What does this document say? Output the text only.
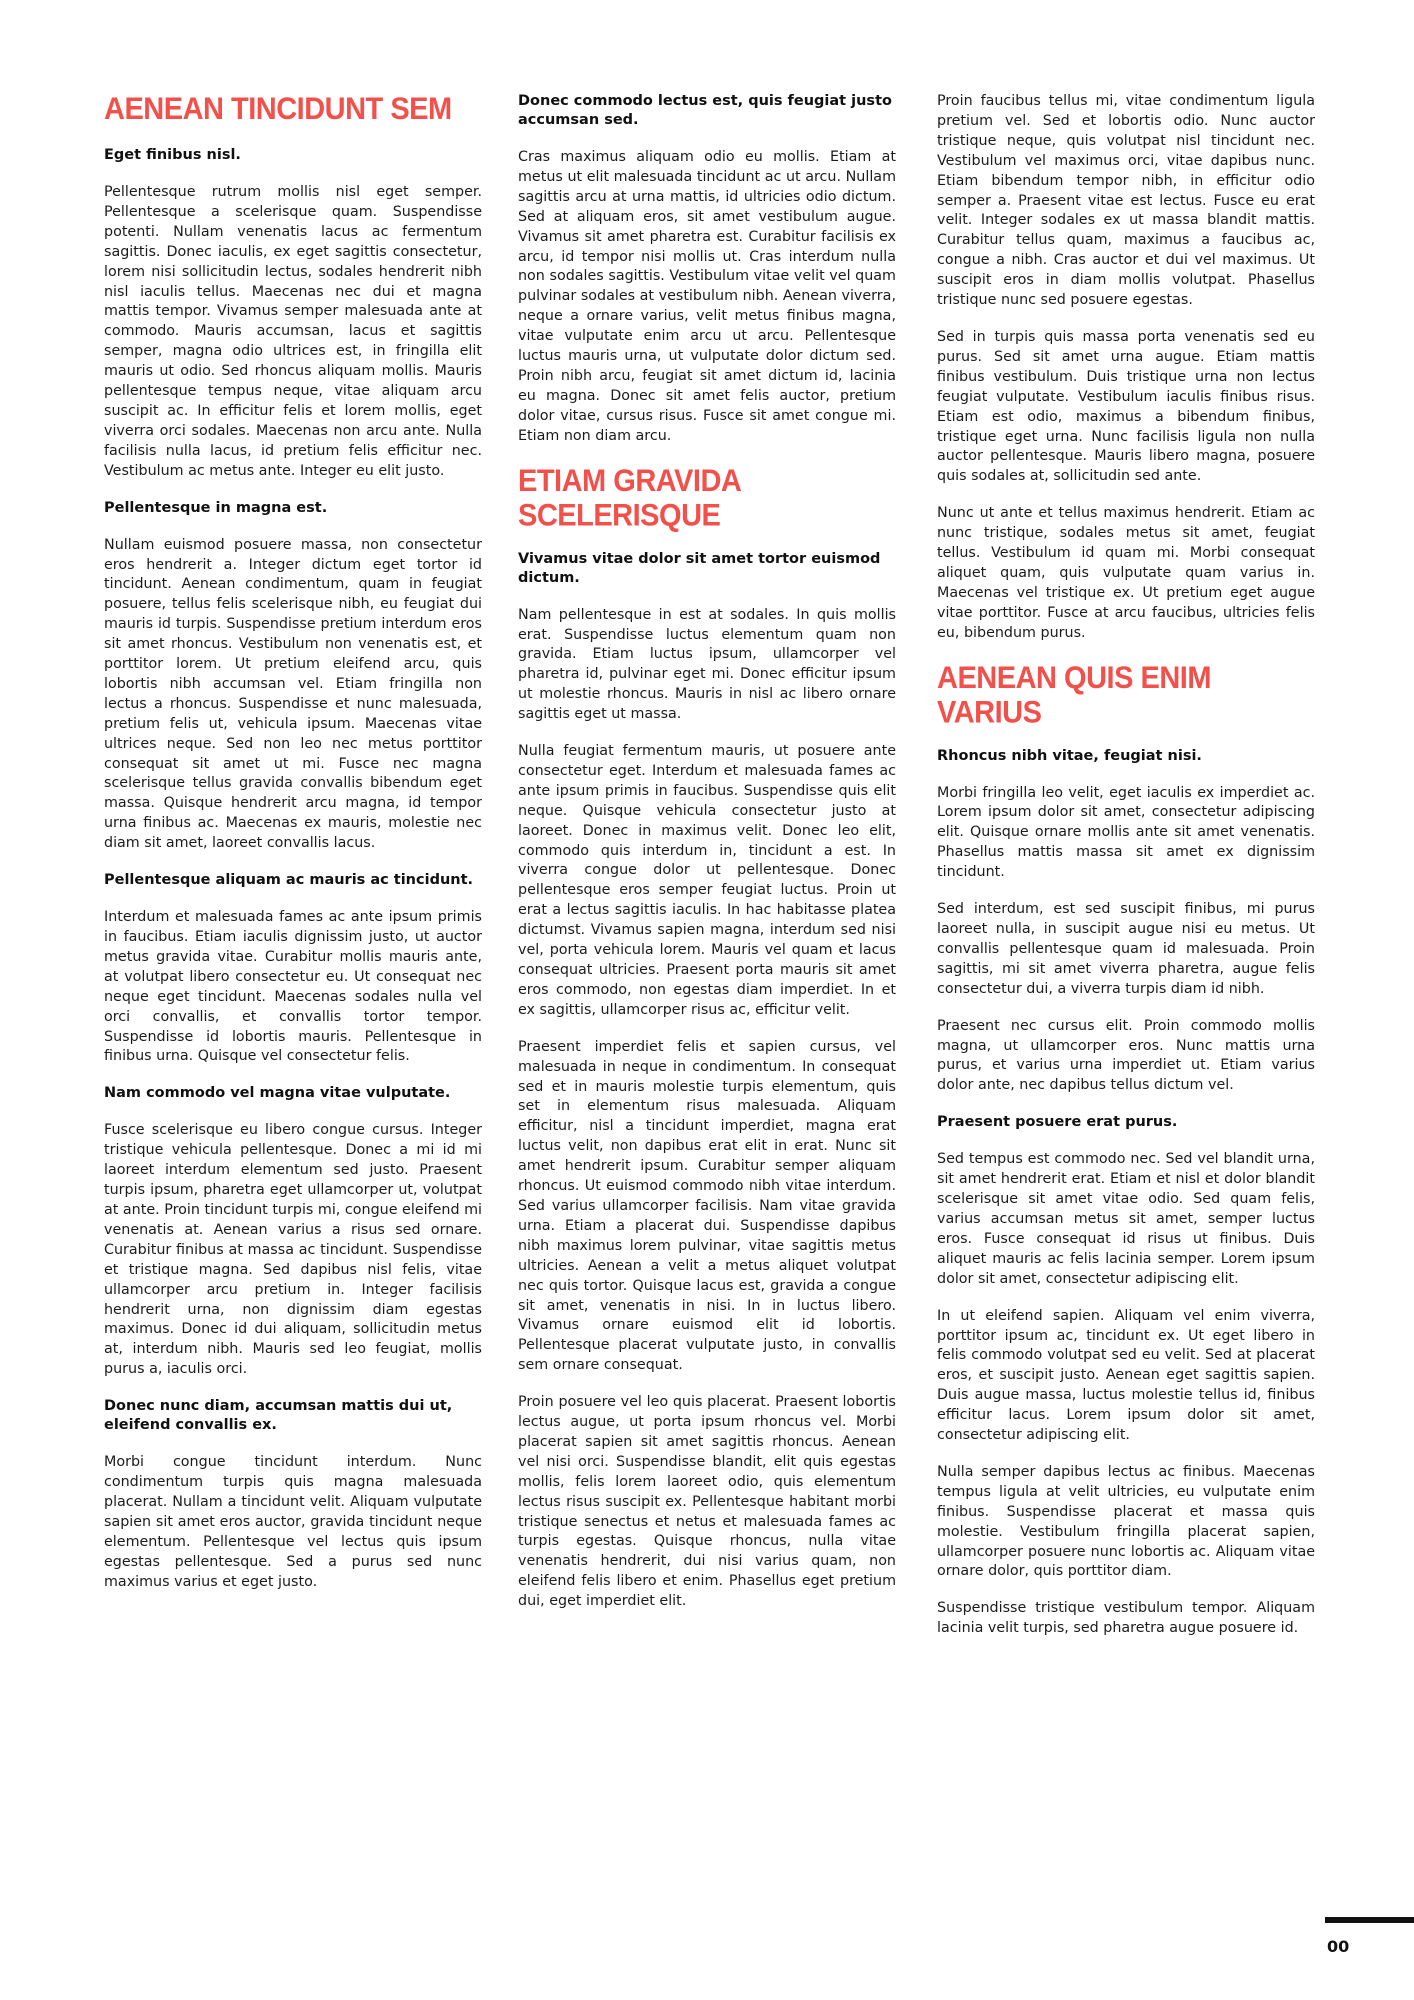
AENEAN TINCIDUNT SEM
Eget finibus nisl.

Pellentesque rutrum mollis nisl eget semper. Pellentesque a scelerisque quam. Suspendisse potenti. Nullam venenatis lacus ac fermentum sagittis. Donec iaculis, ex eget sagittis consectetur, lorem nisi sollicitudin lectus, sodales hendrerit nibh nisl iaculis tellus. Maecenas nec dui et magna mattis tempor. Vivamus semper malesuada ante at commodo. Mauris accumsan, lacus et sagittis semper, magna odio ultrices est, in fringilla elit mauris ut odio. Sed rhoncus aliquam mollis. Mauris pellentesque tempus neque, vitae aliquam arcu suscipit ac. In efficitur felis et lorem mollis, eget viverra orci sodales. Maecenas non arcu ante. Nulla facilisis nulla lacus, id pretium felis efficitur nec. Vestibulum ac metus ante. Integer eu elit justo.

Pellentesque in magna est.

Nullam euismod posuere massa, non consectetur eros hendrerit a. Integer dictum eget tortor id tincidunt. Aenean condimentum, quam in feugiat posuere, tellus felis scelerisque nibh, eu feugiat dui mauris id turpis. Suspendisse pretium interdum eros sit amet rhoncus. Vestibulum non venenatis est, et porttitor lorem. Ut pretium eleifend arcu, quis lobortis nibh accumsan vel. Etiam fringilla non lectus a rhoncus. Suspendisse et nunc malesuada, pretium felis ut, vehicula ipsum. Maecenas vitae ultrices neque. Sed non leo nec metus porttitor consequat sit amet ut mi. Fusce nec magna scelerisque tellus gravida convallis bibendum eget massa. Quisque hendrerit arcu magna, id tempor urna finibus ac. Maecenas ex mauris, molestie nec diam sit amet, laoreet convallis lacus.

Pellentesque aliquam ac mauris ac tincidunt.

Interdum et malesuada fames ac ante ipsum primis in faucibus. Etiam iaculis dignissim justo, ut auctor metus gravida vitae. Curabitur mollis mauris ante, at volutpat libero consectetur eu. Ut consequat nec neque eget tincidunt. Maecenas sodales nulla vel orci convallis, et convallis tortor tempor. Suspendisse id lobortis mauris. Pellentesque in finibus urna. Quisque vel consectetur felis.

Nam commodo vel magna vitae vulputate.

Fusce scelerisque eu libero congue cursus. Integer tristique vehicula pellentesque. Donec a mi id mi laoreet interdum elementum sed justo. Praesent turpis ipsum, pharetra eget ullamcorper ut, volutpat at ante. Proin tincidunt turpis mi, congue eleifend mi venenatis at. Aenean varius a risus sed ornare. Curabitur finibus at massa ac tincidunt. Suspendisse et tristique magna. Sed dapibus nisl felis, vitae ullamcorper arcu pretium in. Integer facilisis hendrerit urna, non dignissim diam egestas maximus. Donec id dui aliquam, sollicitudin metus at, interdum nibh. Mauris sed leo feugiat, mollis purus a, iaculis orci.

Donec nunc diam, accumsan mattis dui ut, eleifend convallis ex.

Morbi congue tincidunt interdum. Nunc condimentum turpis quis magna malesuada placerat. Nullam a tincidunt velit. Aliquam vulputate sapien sit amet eros auctor, gravida tincidunt neque elementum. Pellentesque vel lectus quis ipsum egestas pellentesque. Sed a purus sed nunc maximus varius et eget justo.

Donec commodo lectus est, quis feugiat justo accumsan sed.

Cras maximus aliquam odio eu mollis. Etiam at metus ut elit malesuada tincidunt ac ut arcu. Nullam sagittis arcu at urna mattis, id ultricies odio dictum. Sed at aliquam eros, sit amet vestibulum augue. Vivamus sit amet pharetra est. Curabitur facilisis ex arcu, id tempor nisi mollis ut. Cras interdum nulla non sodales sagittis. Vestibulum vitae velit vel quam pulvinar sodales at vestibulum nibh. Aenean viverra, neque a ornare varius, velit metus finibus magna, vitae vulputate enim arcu ut arcu. Pellentesque luctus mauris urna, ut vulputate dolor dictum sed. Proin nibh arcu, feugiat sit amet dictum id, lacinia eu magna. Donec sit amet felis auctor, pretium dolor vitae, cursus risus. Fusce sit amet congue mi. Etiam non diam arcu.

ETIAM GRAVIDA SCELERISQUE
Vivamus vitae dolor sit amet tortor euismod dictum.

Nam pellentesque in est at sodales. In quis mollis erat. Suspendisse luctus elementum quam non gravida. Etiam luctus ipsum, ullamcorper vel pharetra id, pulvinar eget mi. Donec efficitur ipsum ut molestie rhoncus. Mauris in nisl ac libero ornare sagittis eget ut massa.

Nulla feugiat fermentum mauris, ut posuere ante consectetur eget. Interdum et malesuada fames ac ante ipsum primis in faucibus. Suspendisse quis elit neque. Quisque vehicula consectetur justo at laoreet. Donec in maximus velit. Donec leo elit, commodo quis interdum in, tincidunt a est. In viverra congue dolor ut pellentesque. Donec pellentesque eros semper feugiat luctus. Proin ut erat a lectus sagittis iaculis. In hac habitasse platea dictumst. Vivamus sapien magna, interdum sed nisi vel, porta vehicula lorem. Mauris vel quam et lacus consequat ultricies. Praesent porta mauris sit amet eros commodo, non egestas diam imperdiet. In et ex sagittis, ullamcorper risus ac, efficitur velit.

Praesent imperdiet felis et sapien cursus, vel malesuada in neque in condimentum. In consequat sed et in mauris molestie turpis elementum, quis set in elementum risus malesuada. Aliquam efficitur, nisl a tincidunt imperdiet, magna erat luctus velit, non dapibus erat elit in erat. Nunc sit amet hendrerit ipsum. Curabitur semper aliquam rhoncus. Ut euismod commodo nibh vitae interdum. Sed varius ullamcorper facilisis. Nam vitae gravida urna. Etiam a placerat dui. Suspendisse dapibus nibh maximus lorem pulvinar, vitae sagittis metus ultricies. Aenean a velit a metus aliquet volutpat nec quis tortor. Quisque lacus est, gravida a congue sit amet, venenatis in nisi. In in luctus libero. Vivamus ornare euismod elit id lobortis. Pellentesque placerat vulputate justo, in convallis sem ornare consequat.

Proin posuere vel leo quis placerat. Praesent lobortis lectus augue, ut porta ipsum rhoncus vel. Morbi placerat sapien sit amet sagittis rhoncus. Aenean vel nisi orci. Suspendisse blandit, elit quis egestas mollis, felis lorem laoreet odio, quis elementum lectus risus suscipit ex. Pellentesque habitant morbi tristique senectus et netus et malesuada fames ac turpis egestas. Quisque rhoncus, nulla vitae venenatis hendrerit, dui nisi varius quam, non eleifend felis libero et enim. Phasellus eget pretium dui, eget imperdiet elit.

Proin faucibus tellus mi, vitae condimentum ligula pretium vel. Sed et lobortis odio. Nunc auctor tristique neque, quis volutpat nisl tincidunt nec. Vestibulum vel maximus orci, vitae dapibus nunc. Etiam bibendum tempor nibh, in efficitur odio semper a. Praesent vitae est lectus. Fusce eu erat velit. Integer sodales ex ut massa blandit mattis. Curabitur tellus quam, maximus a faucibus ac, congue a nibh. Cras auctor et dui vel maximus. Ut suscipit eros in diam mollis volutpat. Phasellus tristique nunc sed posuere egestas.

Sed in turpis quis massa porta venenatis sed eu purus. Sed sit amet urna augue. Etiam mattis finibus vestibulum. Duis tristique urna non lectus feugiat vulputate. Vestibulum iaculis finibus risus. Etiam est odio, maximus a bibendum finibus, tristique eget urna. Nunc facilisis ligula non nulla auctor pellentesque. Mauris libero magna, posuere quis sodales at, sollicitudin sed ante.

Nunc ut ante et tellus maximus hendrerit. Etiam ac nunc tristique, sodales metus sit amet, feugiat tellus. Vestibulum id quam mi. Morbi consequat aliquet quam, quis vulputate quam varius in. Maecenas vel tristique ex. Ut pretium eget augue vitae porttitor. Fusce at arcu faucibus, ultricies felis eu, bibendum purus.

AENEAN QUIS ENIM VARIUS
Rhoncus nibh vitae, feugiat nisi.

Morbi fringilla leo velit, eget iaculis ex imperdiet ac. Lorem ipsum dolor sit amet, consectetur adipiscing elit. Quisque ornare mollis ante sit amet venenatis. Phasellus mattis massa sit amet ex dignissim tincidunt.

Sed interdum, est sed suscipit finibus, mi purus laoreet nulla, in suscipit augue nisi eu metus. Ut convallis pellentesque quam id malesuada. Proin sagittis, mi sit amet viverra pharetra, augue felis consectetur dui, a viverra turpis diam id nibh.

Praesent nec cursus elit. Proin commodo mollis magna, ut ullamcorper eros. Nunc mattis urna purus, et varius urna imperdiet ut. Etiam varius dolor ante, nec dapibus tellus dictum vel.

Praesent posuere erat purus.

Sed tempus est commodo nec. Sed vel blandit urna, sit amet hendrerit erat. Etiam et nisl et dolor blandit scelerisque sit amet vitae odio. Sed quam felis, varius accumsan metus sit amet, semper luctus eros. Fusce consequat id risus ut finibus. Duis aliquet mauris ac felis lacinia semper. Lorem ipsum dolor sit amet, consectetur adipiscing elit.

In ut eleifend sapien. Aliquam vel enim viverra, porttitor ipsum ac, tincidunt ex. Ut eget libero in felis commodo volutpat sed eu velit. Sed at placerat eros, et suscipit justo. Aenean eget sagittis sapien. Duis augue massa, luctus molestie tellus id, finibus efficitur lacus. Lorem ipsum dolor sit amet, consectetur adipiscing elit.

Nulla semper dapibus lectus ac finibus. Maecenas tempus ligula at velit ultricies, eu vulputate enim finibus. Suspendisse placerat et massa quis molestie. Vestibulum fringilla placerat sapien, ullamcorper posuere nunc lobortis ac. Aliquam vitae ornare dolor, quis porttitor diam.

Suspendisse tristique vestibulum tempor. Aliquam lacinia velit turpis, sed pharetra augue posuere id.

00
